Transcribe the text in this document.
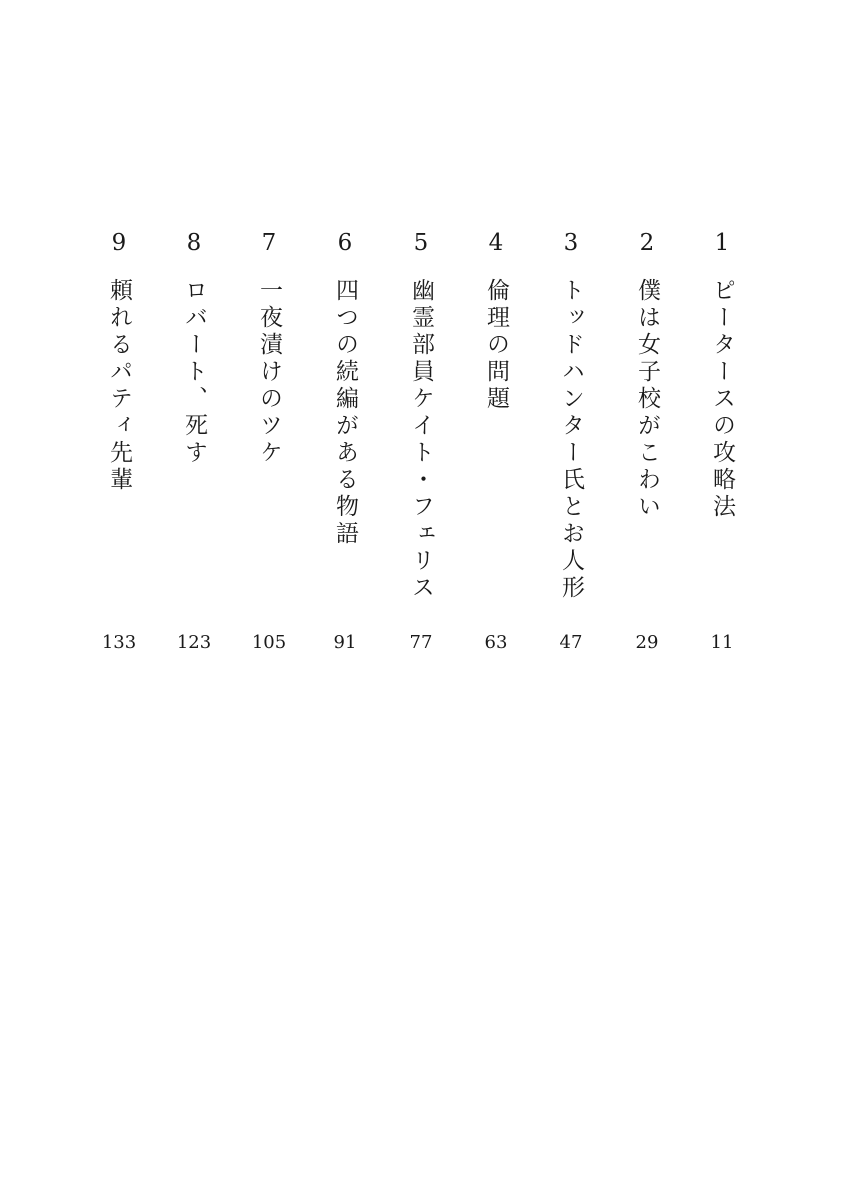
1
ピータースの攻略法
11
2
僕は女子校がこわい
29
3
トッドハンター氏とお人形
47
4
倫理の問題
63
5
幽霊部員ケイト・フェリス
77
6
四つの続編がある物語
91
7
一夜漬けのツケ
105
8
ロバート、死す
123
9
頼れるパティ先輩
133
